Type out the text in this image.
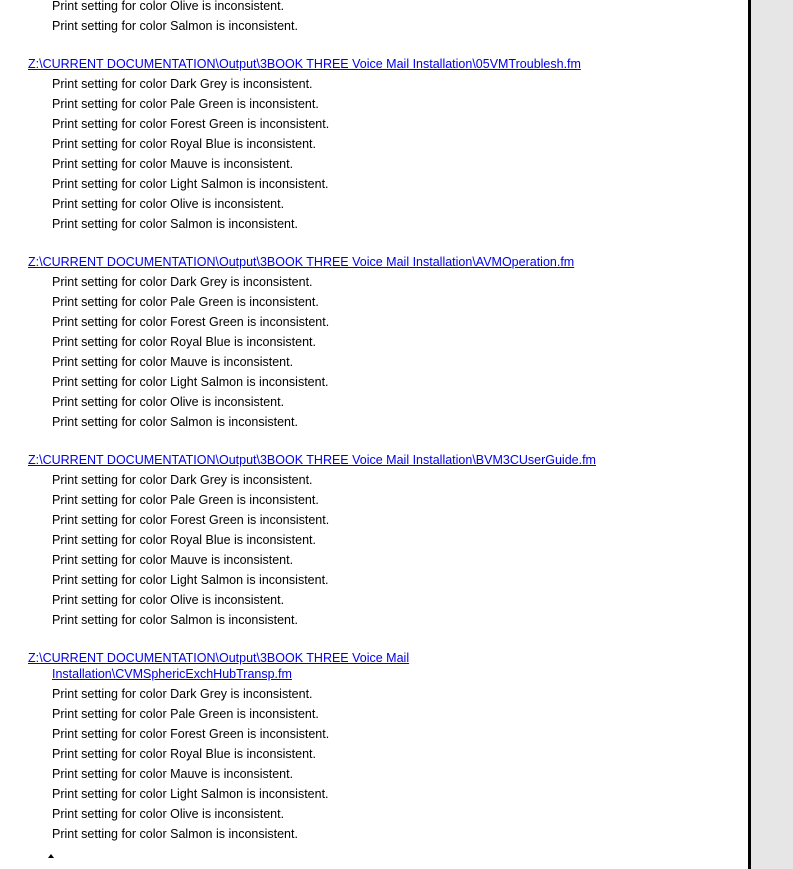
Print setting for color Olive is inconsistent.
Print setting for color Salmon is inconsistent.
Z:\CURRENT DOCUMENTATION\Output\3BOOK THREE Voice Mail Installation\05VMTroublesh.fm
Print setting for color Dark Grey is inconsistent.
Print setting for color Pale Green is inconsistent.
Print setting for color Forest Green is inconsistent.
Print setting for color Royal Blue is inconsistent.
Print setting for color Mauve is inconsistent.
Print setting for color Light Salmon is inconsistent.
Print setting for color Olive is inconsistent.
Print setting for color Salmon is inconsistent.
Z:\CURRENT DOCUMENTATION\Output\3BOOK THREE Voice Mail Installation\AVMOperation.fm
Print setting for color Dark Grey is inconsistent.
Print setting for color Pale Green is inconsistent.
Print setting for color Forest Green is inconsistent.
Print setting for color Royal Blue is inconsistent.
Print setting for color Mauve is inconsistent.
Print setting for color Light Salmon is inconsistent.
Print setting for color Olive is inconsistent.
Print setting for color Salmon is inconsistent.
Z:\CURRENT DOCUMENTATION\Output\3BOOK THREE Voice Mail Installation\BVM3CUserGuide.fm
Print setting for color Dark Grey is inconsistent.
Print setting for color Pale Green is inconsistent.
Print setting for color Forest Green is inconsistent.
Print setting for color Royal Blue is inconsistent.
Print setting for color Mauve is inconsistent.
Print setting for color Light Salmon is inconsistent.
Print setting for color Olive is inconsistent.
Print setting for color Salmon is inconsistent.
Z:\CURRENT DOCUMENTATION\Output\3BOOK THREE Voice Mail
Installation\CVMSphericExchHubTransp.fm
Print setting for color Dark Grey is inconsistent.
Print setting for color Pale Green is inconsistent.
Print setting for color Forest Green is inconsistent.
Print setting for color Royal Blue is inconsistent.
Print setting for color Mauve is inconsistent.
Print setting for color Light Salmon is inconsistent.
Print setting for color Olive is inconsistent.
Print setting for color Salmon is inconsistent.
